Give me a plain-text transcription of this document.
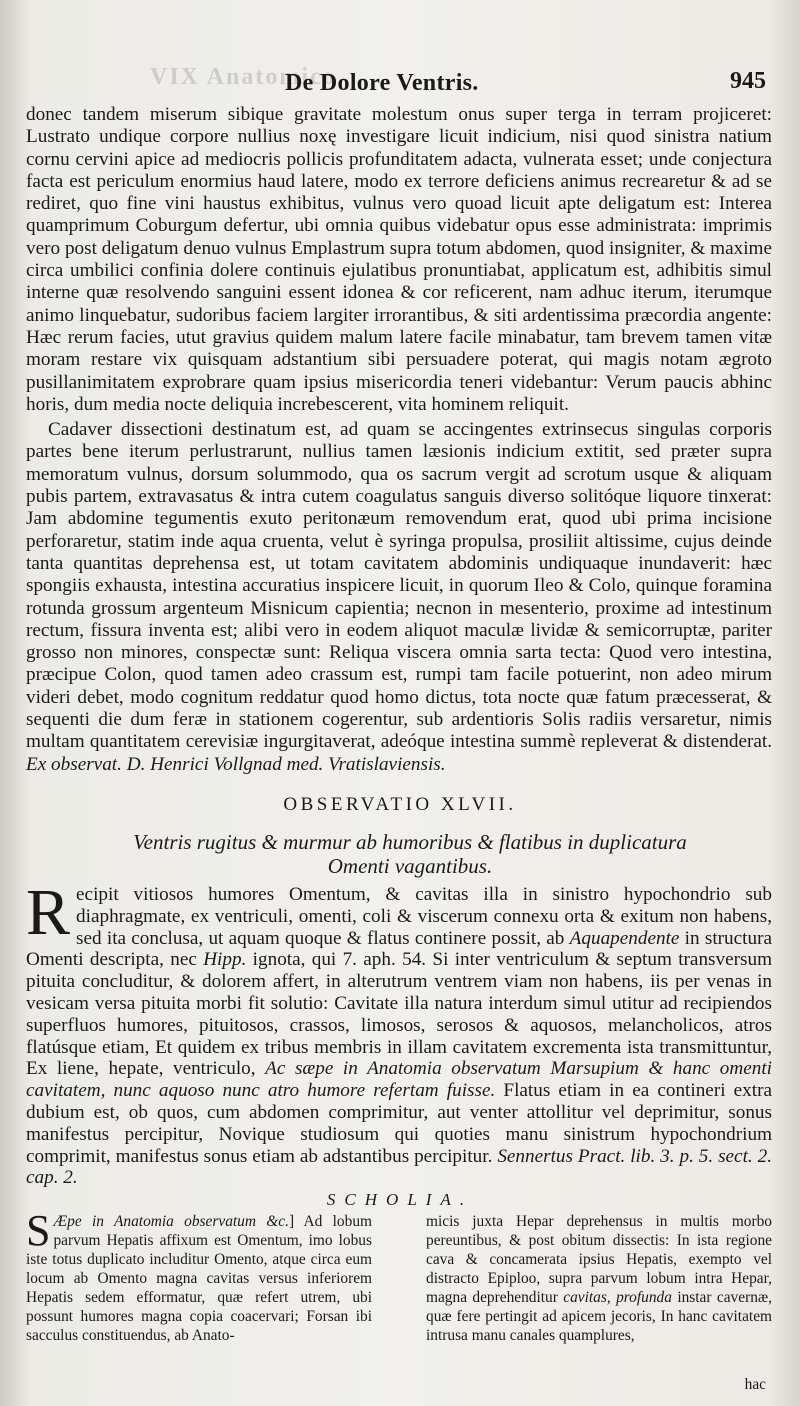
VIX Anatomico
De Dolore Ventris.	945

donec tandem miserum sibique gravitate molestum onus super terga in terram projiceret: Lustrato undique corpore nullius noxę investigare licuit indicium, nisi quod sinistra natium cornu cervini apice ad mediocris pollicis profunditatem adacta, vulnerata esset; unde conjectura facta est periculum enormius haud latere, modo ex terrore deficiens animus recrearetur & ad se rediret, quo fine vini haustus exhibitus, vulnus vero quoad licuit apte deligatum est: Interea quamprimum Coburgum defertur, ubi omnia quibus videbatur opus esse administrata: imprimis vero post deligatum denuo vulnus Emplastrum supra totum abdomen, quod insigniter, & maxime circa umbilici confinia dolere continuis ejulatibus pronuntiabat, applicatum est, adhibitis simul interne quæ resolvendo sanguini essent idonea & cor reficerent, nam adhuc iterum, iterumque animo linquebatur, sudoribus faciem largiter irrorantibus, & siti ardentissima præcordia angente: Hæc rerum facies, utut gravius quidem malum latere facile minabatur, tam brevem tamen vitæ moram restare vix quisquam adstantium sibi persuadere poterat, qui magis notam ægroto pusillanimitatem exprobrare quam ipsius misericordia teneri videbantur: Verum paucis abhinc horis, dum media nocte deliquia increbescerent, vita hominem reliquit.

Cadaver dissectioni destinatum est, ad quam se accingentes extrinsecus singulas corporis partes bene iterum perlustrarunt, nullius tamen læsionis indicium extitit, sed præter supra memoratum vulnus, dorsum solummodo, qua os sacrum vergit ad scrotum usque & aliquam pubis partem, extravasatus & intra cutem coagulatus sanguis diverso solitóque liquore tinxerat: Jam abdomine tegumentis exuto peritonæum removendum erat, quod ubi prima incisione perforaretur, statim inde aqua cruenta, velut è syringa propulsa, prosiliit altissime, cujus deinde tanta quantitas deprehensa est, ut totam cavitatem abdominis undiquaque inundaverit: hæc spongiis exhausta, intestina accuratius inspicere licuit, in quorum Ileo & Colo, quinque foramina rotunda grossum argenteum Misnicum capientia; necnon in mesenterio, proxime ad intestinum rectum, fissura inventa est; alibi vero in eodem aliquot maculæ lividæ & semicorruptæ, pariter grosso non minores, conspectæ sunt: Reliqua viscera omnia sarta tecta: Quod vero intestina, præcipue Colon, quod tamen adeo crassum est, rumpi tam facile potuerint, non adeo mirum videri debet, modo cognitum reddatur quod homo dictus, tota nocte quæ fatum præcesserat, & sequenti die dum feræ in stationem cogerentur, sub ardentioris Solis radiis versaretur, nimis multam quantitatem cerevisiæ ingurgitaverat, adeóque intestina summè repleverat & distenderat. Ex observat. D. Henrici Vollgnad med. Vratislaviensis.

OBSERVATIO XLVII.
Ventris rugitus & murmur ab humoribus & flatibus in duplicatura
Omenti vagantibus.
Recipit vitiosos humores Omentum, & cavitas illa in sinistro hypochondrio sub diaphragmate, ex ventriculi, omenti, coli & viscerum connexu orta & exitum non habens, sed ita conclusa, ut aquam quoque & flatus continere possit, ab Aquapendente in structura Omenti descripta, nec Hipp. ignota, qui 7. aph. 54. Si inter ventriculum & septum transversum pituita concluditur, & dolorem affert, in alterutrum ventrem viam non habens, iis per venas in vesicam versa pituita morbi fit solutio: Cavitate illa natura interdum simul utitur ad recipiendos superfluos humores, pituitosos, crassos, limosos, serosos & aquosos, melancholicos, atros flatúsque etiam, Et quidem ex tribus membris in illam cavitatem excrementa ista transmittuntur, Ex liene, hepate, ventriculo, Ac sæpe in Anatomia observatum Marsupium & hanc omenti cavitatem, nunc aquoso nunc atro humore refertam fuisse. Flatus etiam in ea contineri extra dubium est, ob quos, cum abdomen comprimitur, aut venter attollitur vel deprimitur, sonus manifestus percipitur, Novique studiosum qui quoties manu sinistrum hypochondrium comprimit, manifestus sonus etiam ab adstantibus percipitur. Sennertus Pract. lib. 3. p. 5. sect. 2. cap. 2.
SCHOLIA.
S Æpe in Anatomia observatum &c.] Ad lobum parvum Hepatis affixum est Omentum, imo lobus iste totus duplicato includitur Omento, atque circa eum locum ab Omento magna cavitas versus inferiorem Hepatis sedem efformatur, quæ refert utrem, ubi possunt humores magna copia coacervari; Forsan ibi sacculus constituendus, ab Anato-
micis juxta Hepar deprehensus in multis morbo pereuntibus, & post obitum dissectis: In ista regione cava & concamerata ipsius Hepatis, exempto vel distracto Epiploo, supra parvum lobum intra Hepar, magna deprehenditur cavitas, profunda instar cavernæ, quæ fere pertingit ad apicem jecoris, In hanc cavitatem intrusa manu canales quamplures,
hac
